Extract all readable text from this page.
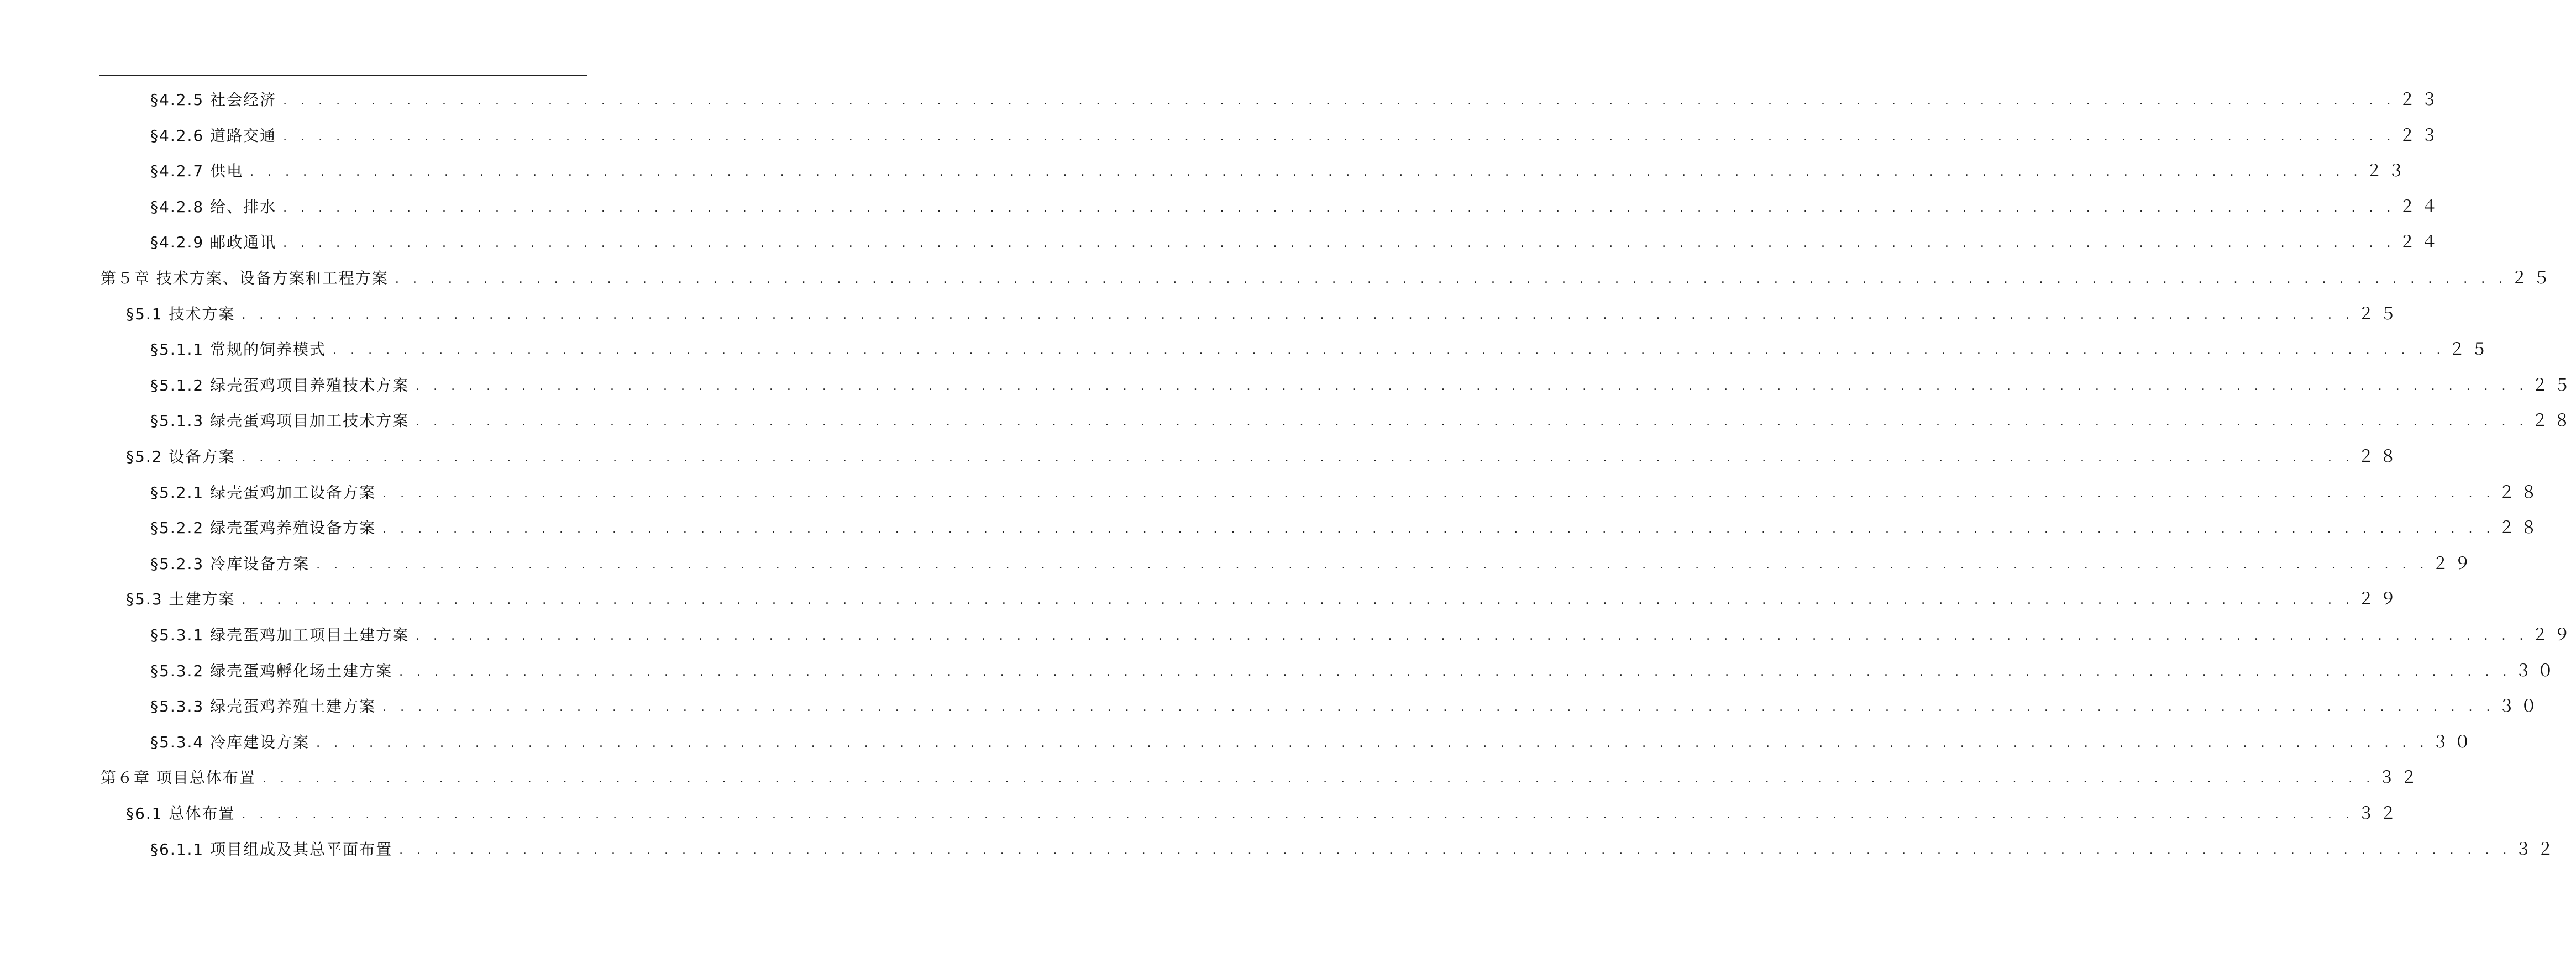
§4.2.5 社会经济 . . . . . . . . . . . . . . . . . . . . . . . . . . . . . . . . . . . . . . . . . . . . . . . . . . . . . . . . . . . . . . . . . . . . . . . . . . . . . . . . . . . . . . . . . . . . . . . . . . . . . . . . . . . . . . . . . . . . . . . . ２３
§4.2.6 道路交通 . . . . . . . . . . . . . . . . . . . . . . . . . . . . . . . . . . . . . . . . . . . . . . . . . . . . . . . . . . . . . . . . . . . . . . . . . . . . . . . . . . . . . . . . . . . . . . . . . . . . . . . . . . . . . . . . . . . . . . . . ２３
§4.2.7 供电 . . . . . . . . . . . . . . . . . . . . . . . . . . . . . . . . . . . . . . . . . . . . . . . . . . . . . . . . . . . . . . . . . . . . . . . . . . . . . . . . . . . . . . . . . . . . . . . . . . . . . . . . . . . . . . . . . . . . . . . . ２３
§4.2.8 给、排水 . . . . . . . . . . . . . . . . . . . . . . . . . . . . . . . . . . . . . . . . . . . . . . . . . . . . . . . . . . . . . . . . . . . . . . . . . . . . . . . . . . . . . . . . . . . . . . . . . . . . . . . . . . . . . . . . . . . . . . . . ２４
§4.2.9 邮政通讯 . . . . . . . . . . . . . . . . . . . . . . . . . . . . . . . . . . . . . . . . . . . . . . . . . . . . . . . . . . . . . . . . . . . . . . . . . . . . . . . . . . . . . . . . . . . . . . . . . . . . . . . . . . . . . . . . . . . . . . . . ２４
第５章 技术方案、设备方案和工程方案 . . . . . . . . . . . . . . . . . . . . . . . . . . . . . . . . . . . . . . . . . . . . . . . . . . . . . . . . . . . . . . . . . . . . . . . . . . . . . . . . . . . . . . . . . . . . . . . . . . . . . . . . . . . . . . . . . . . . . . . . ２５
§5.1 技术方案 . . . . . . . . . . . . . . . . . . . . . . . . . . . . . . . . . . . . . . . . . . . . . . . . . . . . . . . . . . . . . . . . . . . . . . . . . . . . . . . . . . . . . . . . . . . . . . . . . . . . . . . . . . . . . . . . . . . . . . . . ２５
§5.1.1 常规的饲养模式 . . . . . . . . . . . . . . . . . . . . . . . . . . . . . . . . . . . . . . . . . . . . . . . . . . . . . . . . . . . . . . . . . . . . . . . . . . . . . . . . . . . . . . . . . . . . . . . . . . . . . . . . . . . . . . . . . . . . . . . . ２５
§5.1.2 绿壳蛋鸡项目养殖技术方案 . . . . . . . . . . . . . . . . . . . . . . . . . . . . . . . . . . . . . . . . . . . . . . . . . . . . . . . . . . . . . . . . . . . . . . . . . . . . . . . . . . . . . . . . . . . . . . . . . . . . . . . . . . . . . . . . . . . . . . . . ２５
§5.1.3 绿壳蛋鸡项目加工技术方案 . . . . . . . . . . . . . . . . . . . . . . . . . . . . . . . . . . . . . . . . . . . . . . . . . . . . . . . . . . . . . . . . . . . . . . . . . . . . . . . . . . . . . . . . . . . . . . . . . . . . . . . . . . . . . . . . . . . . . . . . ２８
§5.2 设备方案 . . . . . . . . . . . . . . . . . . . . . . . . . . . . . . . . . . . . . . . . . . . . . . . . . . . . . . . . . . . . . . . . . . . . . . . . . . . . . . . . . . . . . . . . . . . . . . . . . . . . . . . . . . . . . . . . . . . . . . . . ２８
§5.2.1 绿壳蛋鸡加工设备方案 . . . . . . . . . . . . . . . . . . . . . . . . . . . . . . . . . . . . . . . . . . . . . . . . . . . . . . . . . . . . . . . . . . . . . . . . . . . . . . . . . . . . . . . . . . . . . . . . . . . . . . . . . . . . . . . . . . . . . . . . ２８
§5.2.2 绿壳蛋鸡养殖设备方案 . . . . . . . . . . . . . . . . . . . . . . . . . . . . . . . . . . . . . . . . . . . . . . . . . . . . . . . . . . . . . . . . . . . . . . . . . . . . . . . . . . . . . . . . . . . . . . . . . . . . . . . . . . . . . . . . . . . . . . . . ２８
§5.2.3 冷库设备方案 . . . . . . . . . . . . . . . . . . . . . . . . . . . . . . . . . . . . . . . . . . . . . . . . . . . . . . . . . . . . . . . . . . . . . . . . . . . . . . . . . . . . . . . . . . . . . . . . . . . . . . . . . . . . . . . . . . . . . . . . ２９
§5.3 土建方案 . . . . . . . . . . . . . . . . . . . . . . . . . . . . . . . . . . . . . . . . . . . . . . . . . . . . . . . . . . . . . . . . . . . . . . . . . . . . . . . . . . . . . . . . . . . . . . . . . . . . . . . . . . . . . . . . . . . . . . . . ２９
§5.3.1 绿壳蛋鸡加工项目土建方案 . . . . . . . . . . . . . . . . . . . . . . . . . . . . . . . . . . . . . . . . . . . . . . . . . . . . . . . . . . . . . . . . . . . . . . . . . . . . . . . . . . . . . . . . . . . . . . . . . . . . . . . . . . . . . . . . . . . . . . . . ２９
§5.3.2 绿壳蛋鸡孵化场土建方案 . . . . . . . . . . . . . . . . . . . . . . . . . . . . . . . . . . . . . . . . . . . . . . . . . . . . . . . . . . . . . . . . . . . . . . . . . . . . . . . . . . . . . . . . . . . . . . . . . . . . . . . . . . . . . . . . . . . . . . . . ３０
§5.3.3 绿壳蛋鸡养殖土建方案 . . . . . . . . . . . . . . . . . . . . . . . . . . . . . . . . . . . . . . . . . . . . . . . . . . . . . . . . . . . . . . . . . . . . . . . . . . . . . . . . . . . . . . . . . . . . . . . . . . . . . . . . . . . . . . . . . . . . . . . . ３０
§5.3.4 冷库建设方案 . . . . . . . . . . . . . . . . . . . . . . . . . . . . . . . . . . . . . . . . . . . . . . . . . . . . . . . . . . . . . . . . . . . . . . . . . . . . . . . . . . . . . . . . . . . . . . . . . . . . . . . . . . . . . . . . . . . . . . . . ３０
第６章 项目总体布置 . . . . . . . . . . . . . . . . . . . . . . . . . . . . . . . . . . . . . . . . . . . . . . . . . . . . . . . . . . . . . . . . . . . . . . . . . . . . . . . . . . . . . . . . . . . . . . . . . . . . . . . . . . . . . . . . . . . . . . . . ３２
§6.1 总体布置 . . . . . . . . . . . . . . . . . . . . . . . . . . . . . . . . . . . . . . . . . . . . . . . . . . . . . . . . . . . . . . . . . . . . . . . . . . . . . . . . . . . . . . . . . . . . . . . . . . . . . . . . . . . . . . . . . . . . . . . . ３２
§6.1.1 项目组成及其总平面布置 . . . . . . . . . . . . . . . . . . . . . . . . . . . . . . . . . . . . . . . . . . . . . . . . . . . . . . . . . . . . . . . . . . . . . . . . . . . . . . . . . . . . . . . . . . . . . . . . . . . . . . . . . . . . . . . . . . . . . . . . ３２
